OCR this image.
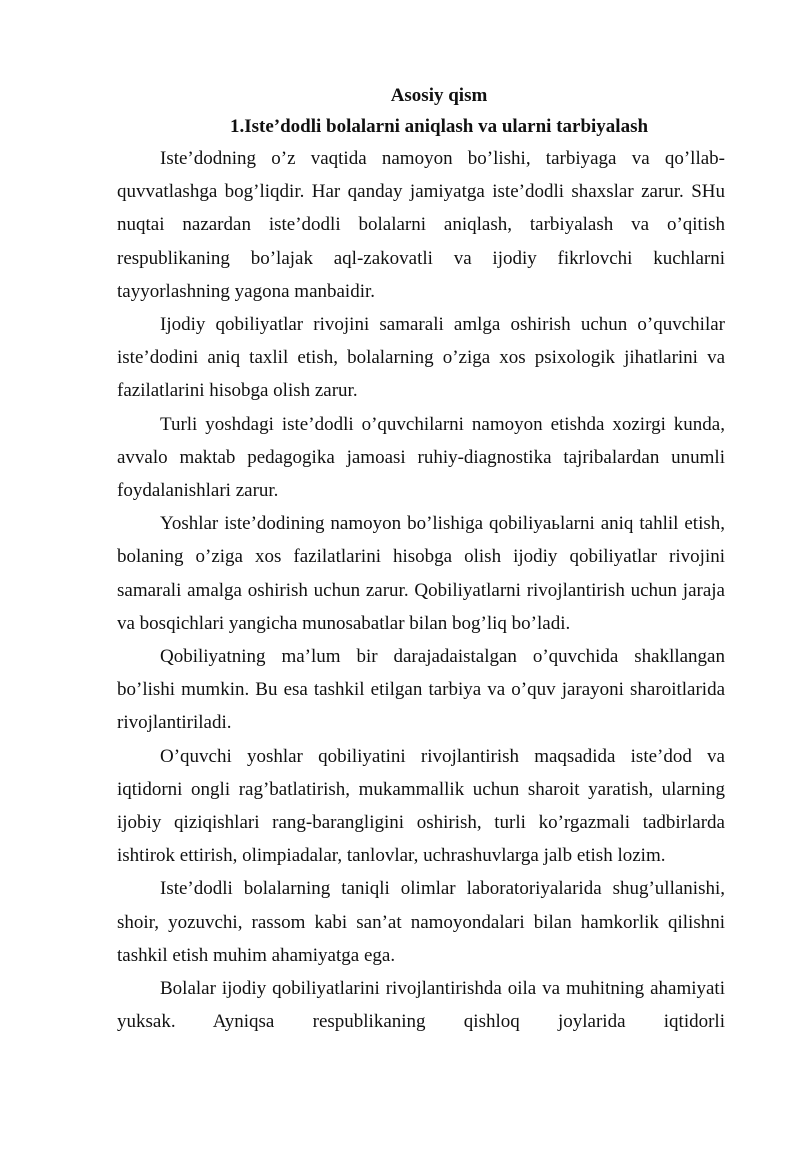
Asosiy qism
1.Iste’dodli bolalarni aniqlash va ularni tarbiyalash

Iste’dodning o’z vaqtida namoyon bo’lishi, tarbiyaga va qo’llab-quvvatlashga bog’liqdir. Har qanday jamiyatga iste’dodli shaxslar zarur. SHu nuqtai nazardan iste’dodli bolalarni aniqlash, tarbiyalash va o’qitish respublikaning bo’lajak aql-zakovatli va ijodiy fikrlovchi kuchlarni tayyorlashning yagona manbaidir.

Ijodiy qobiliyatlar rivojini samarali amlga oshirish uchun o’quvchilar iste’dodini aniq taxlil etish, bolalarning o’ziga xos psixologik jihatlarini va fazilatlarini hisobga olish zarur.

Turli yoshdagi iste’dodli o’quvchilarni namoyon etishda xozirgi kunda, avvalo maktab pedagogika jamoasi ruhiy-diagnostika tajribalardan unumli foydalanishlari zarur.

Yoshlar iste’dodining namoyon bo’lishiga qobiliyaьlarni aniq tahlil etish, bolaning o’ziga xos fazilatlarini hisobga olish ijodiy qobiliyatlar rivojini samarali amalga oshirish uchun zarur. Qobiliyatlarni rivojlantirish uchun jaraja va bosqichlari yangicha munosabatlar bilan bog’liq bo’ladi.

Qobiliyatning ma’lum bir darajadaistalgan o’quvchida shakllangan bo’lishi mumkin. Bu esa tashkil etilgan tarbiya va o’quv jarayoni sharoitlarida rivojlantiriladi.

O’quvchi yoshlar qobiliyatini rivojlantirish maqsadida iste’dod va iqtidorni ongli rag’batlatirish, mukammallik uchun sharoit yaratish, ularning ijobiy qiziqishlari rang-barangligini oshirish, turli ko’rgazmali tadbirlarda ishtirok ettirish, olimpiadalar, tanlovlar, uchrashuvlarga jalb etish lozim.

Iste’dodli bolalarning taniqli olimlar laboratoriyalarida shug’ullanishi, shoir, yozuvchi, rassom kabi san’at namoyondalari bilan hamkorlik qilishni tashkil etish muhim ahamiyatga ega.

Bolalar ijodiy qobiliyatlarini rivojlantirishda oila va muhitning ahamiyati yuksak. Ayniqsa respublikaning qishloq joylarida iqtidorli
